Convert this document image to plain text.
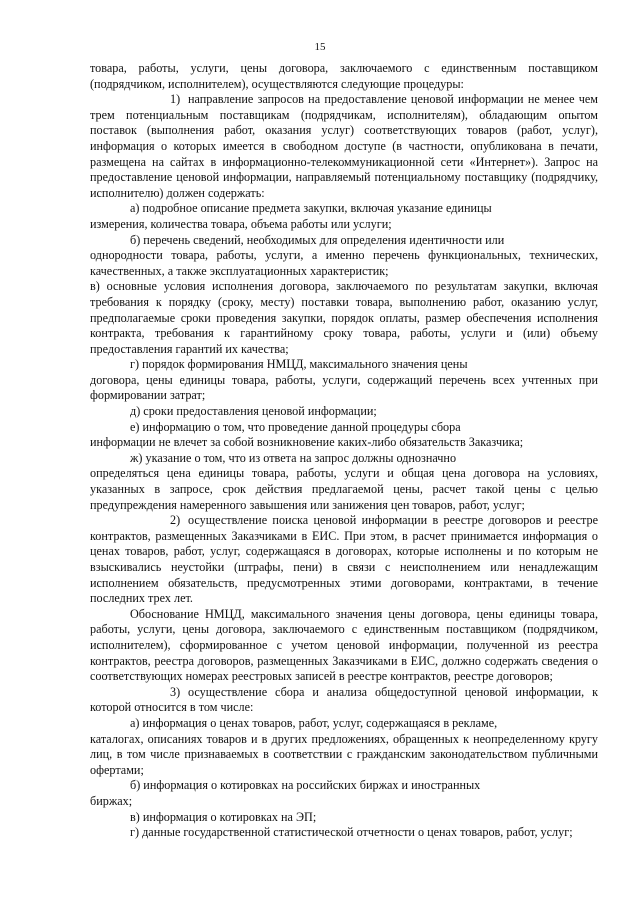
15

товара, работы, услуги, цены договора, заключаемого с единственным поставщиком (подрядчиком, исполнителем), осуществляются следующие процедуры:

1) направление запросов на предоставление ценовой информации не менее чем трем потенциальным поставщикам (подрядчикам, исполнителям), обладающим опытом поставок (выполнения работ, оказания услуг) соответствующих товаров (работ, услуг), информация о которых имеется в свободном доступе (в частности, опубликована в печати, размещена на сайтах в информационно-телекоммуникационной сети «Интернет»). Запрос на предоставление ценовой информации, направляемый потенциальному поставщику (подрядчику, исполнителю) должен содержать:

а) подробное описание предмета закупки, включая указание единицы

измерения, количества товара, объема работы или услуги;

б) перечень сведений, необходимых для определения идентичности или

однородности товара, работы, услуги, а именно перечень функциональных, технических, качественных, а также эксплуатационных характеристик;

в) основные условия исполнения договора, заключаемого по результатам закупки, включая требования к порядку (сроку, месту) поставки товара, выполнению работ, оказанию услуг, предполагаемые сроки проведения закупки, порядок оплаты, размер обеспечения исполнения контракта, требования к гарантийному сроку товара, работы, услуги и (или) объему предоставления гарантий их качества;

г) порядок формирования НМЦД, максимального значения цены

договора, цены единицы товара, работы, услуги, содержащий перечень всех учтенных при формировании затрат;

д) сроки предоставления ценовой информации;

е) информацию о том, что проведение данной процедуры сбора

информации не влечет за собой возникновение каких-либо обязательств Заказчика;

ж) указание о том, что из ответа на запрос должны однозначно

определяться цена единицы товара, работы, услуги и общая цена договора на условиях, указанных в запросе, срок действия предлагаемой цены, расчет такой цены с целью предупреждения намеренного завышения или занижения цен товаров, работ, услуг;

2) осуществление поиска ценовой информации в реестре договоров и реестре контрактов, размещенных Заказчиками в ЕИС. При этом, в расчет принимается информация о ценах товаров, работ, услуг, содержащаяся в договорах, которые исполнены и по которым не взыскивались неустойки (штрафы, пени) в связи с неисполнением или ненадлежащим исполнением обязательств, предусмотренных этими договорами, контрактами, в течение последних трех лет.

Обоснование НМЦД, максимального значения цены договора, цены единицы товара, работы, услуги, цены договора, заключаемого с единственным поставщиком (подрядчиком, исполнителем), сформированное с учетом ценовой информации, полученной из реестра контрактов, реестра договоров, размещенных Заказчиками в ЕИС, должно содержать сведения о соответствующих номерах реестровых записей в реестре контрактов, реестре договоров;

3) осуществление сбора и анализа общедоступной ценовой информации, к которой относится в том числе:

а) информация о ценах товаров, работ, услуг, содержащаяся в рекламе,

каталогах, описаниях товаров и в других предложениях, обращенных к неопределенному кругу лиц, в том числе признаваемых в соответствии с гражданским законодательством публичными офертами;

б) информация о котировках на российских биржах и иностранных

биржах;

в) информация о котировках на ЭП;

г) данные государственной статистической отчетности о ценах товаров, работ, услуг;
